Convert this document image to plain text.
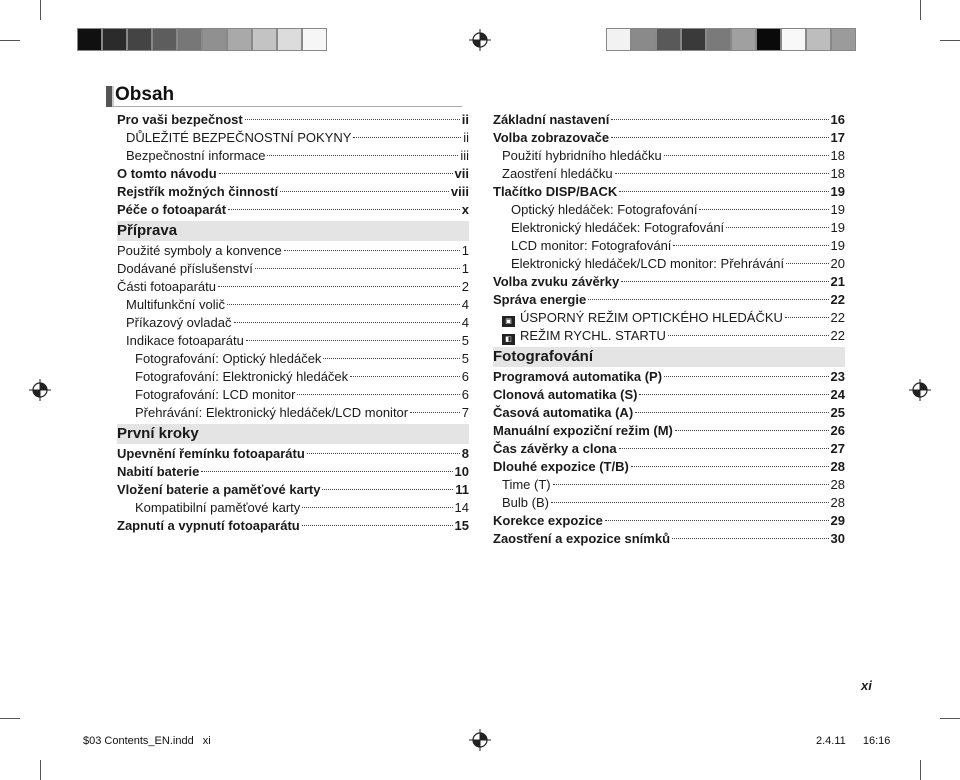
Obsah
Pro vaši bezpečnost	ii
DŮLEŽITÉ BEZPEČNOSTNÍ POKYNY	ii
Bezpečnostní informace	iii
O tomto návodu	vii
Rejstřík možných činností	viii
Péče o fotoaparát	x
Příprava
Použité symboly a konvence	1
Dodávané příslušenství	1
Části fotoaparátu	2
Multifunkční volič	4
Příkazový ovladač	4
Indikace fotoaparátu	5
Fotografování: Optický hledáček	5
Fotografování: Elektronický hledáček	6
Fotografování: LCD monitor	6
Přehrávání: Elektronický hledáček/LCD monitor	7
První kroky
Upevnění řemínku fotoaparátu	8
Nabití baterie	10
Vložení baterie a paměťové karty	11
Kompatibilní paměťové karty	14
Zapnutí a vypnutí fotoaparátu	15
Základní nastavení	16
Volba zobrazovače	17
Použití hybridního hledáčku	18
Zaostření hledáčku	18
Tlačítko DISP/BACK	19
Optický hledáček: Fotografování	19
Elektronický hledáček: Fotografování	19
LCD monitor: Fotografování	19
Elektronický hledáček/LCD monitor: Přehrávání	20
Volba zvuku závěrky	21
Správa energie	22
▣ ÚSPORNÝ REŽIM OPTICKÉHO HLEDÁČKU	22
◧ REŽIM RYCHL. STARTU	22
Fotografování
Programová automatika (P)	23
Clonová automatika (S)	24
Časová automatika (A)	25
Manuální expoziční režim (M)	26
Čas závěrky a clona	27
Dlouhé expozice (T/B)	28
Time (T)	28
Bulb (B)	28
Korekce expozice	29
Zaostření a expozice snímků	30
xi
$03 Contents_EN.indd xi	2.4.11 16:16
